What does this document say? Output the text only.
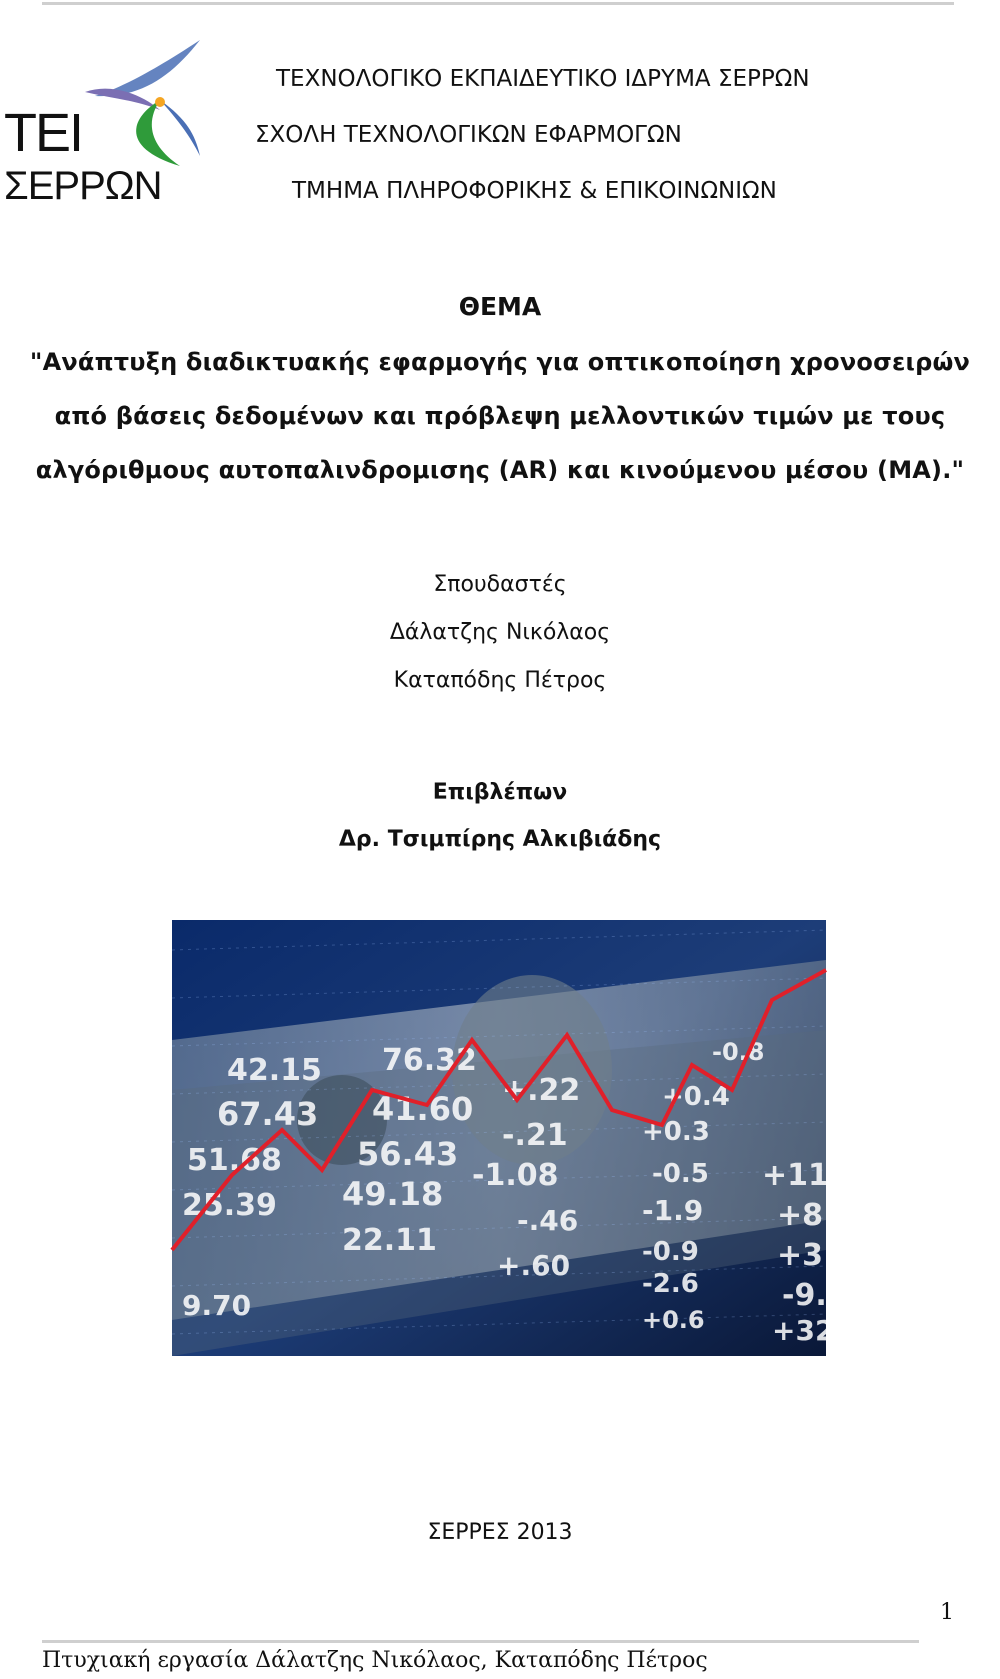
ΤΕΙ
ΣΕΡΡΩΝ
ΤΕΧΝΟΛΟΓΙΚΟ ΕΚΠΑΙΔΕΥΤΙΚΟ ΙΔΡΥΜΑ ΣΕΡΡΩΝ
ΣΧΟΛΗ ΤΕΧΝΟΛΟΓΙΚΩΝ ΕΦΑΡΜΟΓΩΝ
ΤΜΗΜΑ ΠΛΗΡΟΦΟΡΙΚΗΣ & ΕΠΙΚΟΙΝΩΝΙΩΝ
ΘΕΜΑ
"Ανάπτυξη διαδικτυακής εφαρμογής για οπτικοποίηση χρονοσειρών
από βάσεις δεδομένων και πρόβλεψη μελλοντικών τιμών με τους
αλγόριθμους αυτοπαλινδρομισης (AR) και κινούμενου μέσου (MA)."
Σπουδαστές
Δάλατζης Νικόλαος
Καταπόδης Πέτρος
Επιβλέπων
Δρ. Τσιμπίρης Αλκιβιάδης
42.15
67.43
51.68
25.39
76.32
41.60
56.43
49.18
22.11
+.22
-.21
-1.08
-.46
+.60
+0.4
+0.3
-0.5
-1.9
-0.9
-2.6
+0.6
-0.8
+11
+8.
+3.
-9.5
+32
9.70
ΣΕΡΡΕΣ 2013
1
Πτυχιακή εργασία Δάλατζης Νικόλαος, Καταπόδης Πέτρος
